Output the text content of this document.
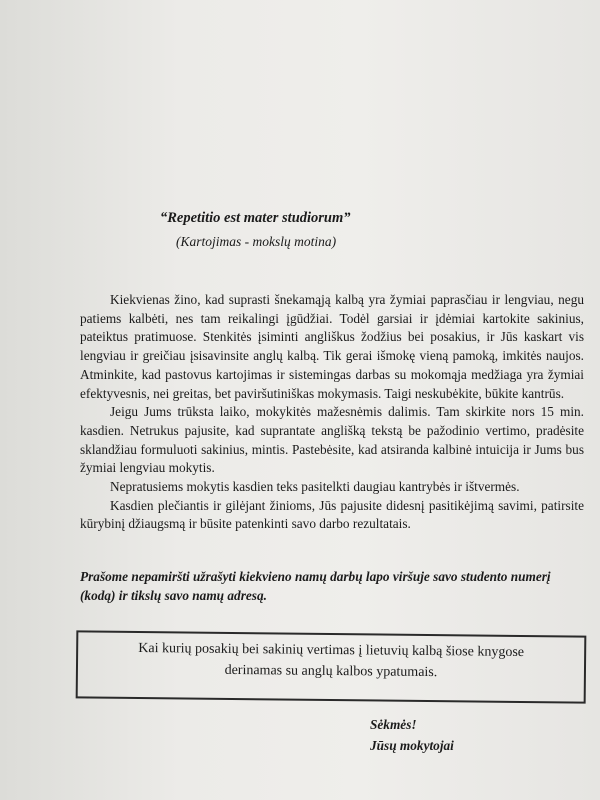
“Repetitio est mater studiorum”
(Kartojimas - mokslų motina)

Kiekvienas žino, kad suprasti šnekamąją kalbą yra žymiai paprasčiau ir lengviau, negu patiems kalbėti, nes tam reikalingi įgūdžiai. Todėl garsiai ir įdėmiai kartokite sakinius, pateiktus pratimuose. Stenkitės įsiminti angliškus žodžius bei posakius, ir Jūs kaskart vis lengviau ir greičiau įsisavinsite anglų kalbą. Tik gerai išmokę vieną pamoką, imkitės naujos. Atminkite, kad pastovus kartojimas ir sistemingas darbas su mokomąja medžiaga yra žymiai efektyvesnis, nei greitas, bet paviršutiniškas mokymasis. Taigi neskubėkite, būkite kantrūs.

Jeigu Jums trūksta laiko, mokykitės mažesnėmis dalimis. Tam skirkite nors 15 min. kasdien. Netrukus pajusite, kad suprantate anglišką tekstą be pažodinio vertimo, pradėsite sklandžiau formuluoti sakinius, mintis. Pastebėsite, kad atsiranda kalbinė intuicija ir Jums bus žymiai lengviau mokytis.

Nepratusiems mokytis kasdien teks pasitelkti daugiau kantrybės ir ištvermės.

Kasdien plečiantis ir gilėjant žinioms, Jūs pajusite didesnį pasitikėjimą savimi, patirsite kūrybinį džiaugsmą ir būsite patenkinti savo darbo rezultatais.

Prašome nepamiršti užrašyti kiekvieno namų darbų lapo viršuje savo studento numerį (kodą) ir tikslų savo namų adresą.
Kai kurių posakių bei sakinių vertimas į lietuvių kalbą šiose knygose
derinamas su anglų kalbos ypatumais.
Sėkmės!
Jūsų mokytojai
